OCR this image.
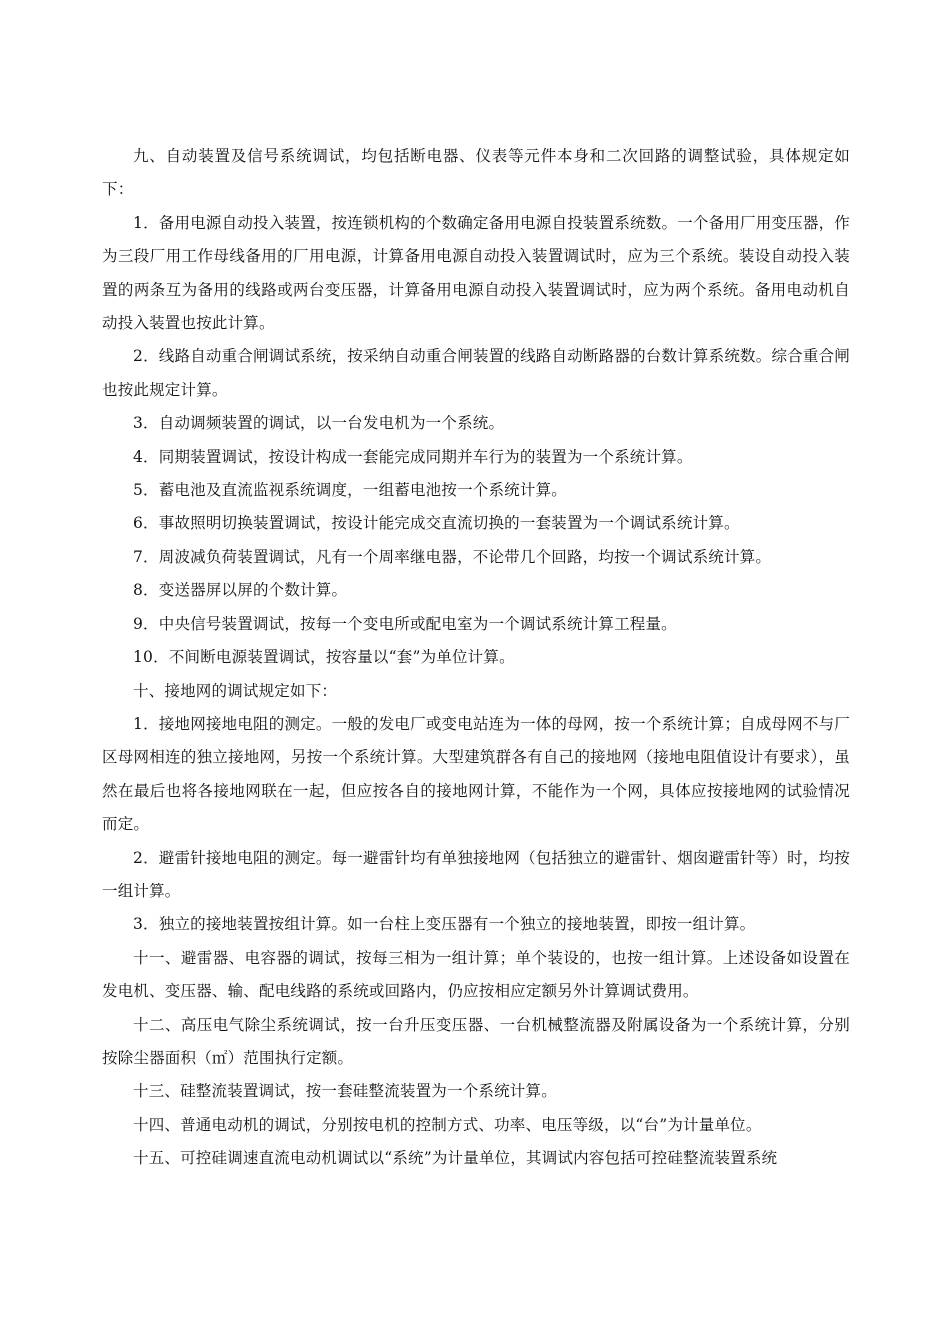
九、自动装置及信号系统调试，均包括断电器、仪表等元件本身和二次回路的调整试验，具体规定如下：

1．备用电源自动投入装置，按连锁机构的个数确定备用电源自投装置系统数。一个备用厂用变压器，作为三段厂用工作母线备用的厂用电源，计算备用电源自动投入装置调试时，应为三个系统。装设自动投入装置的两条互为备用的线路或两台变压器，计算备用电源自动投入装置调试时，应为两个系统。备用电动机自动投入装置也按此计算。

2．线路自动重合闸调试系统，按采纳自动重合闸装置的线路自动断路器的台数计算系统数。综合重合闸也按此规定计算。

3．自动调频装置的调试，以一台发电机为一个系统。

4．同期装置调试，按设计构成一套能完成同期并车行为的装置为一个系统计算。

5．蓄电池及直流监视系统调度，一组蓄电池按一个系统计算。

6．事故照明切换装置调试，按设计能完成交直流切换的一套装置为一个调试系统计算。

7．周波减负荷装置调试，凡有一个周率继电器，不论带几个回路，均按一个调试系统计算。

8．变送器屏以屏的个数计算。

9．中央信号装置调试，按每一个变电所或配电室为一个调试系统计算工程量。

10．不间断电源装置调试，按容量以“套”为单位计算。

十、接地网的调试规定如下：

1．接地网接地电阻的测定。一般的发电厂或变电站连为一体的母网，按一个系统计算；自成母网不与厂区母网相连的独立接地网，另按一个系统计算。大型建筑群各有自己的接地网（接地电阻值设计有要求），虽然在最后也将各接地网联在一起，但应按各自的接地网计算，不能作为一个网，具体应按接地网的试验情况而定。

2．避雷针接地电阻的测定。每一避雷针均有单独接地网（包括独立的避雷针、烟囱避雷针等）时，均按一组计算。

3．独立的接地装置按组计算。如一台柱上变压器有一个独立的接地装置，即按一组计算。

十一、避雷器、电容器的调试，按每三相为一组计算；单个装设的，也按一组计算。上述设备如设置在发电机、变压器、输、配电线路的系统或回路内，仍应按相应定额另外计算调试费用。

十二、高压电气除尘系统调试，按一台升压变压器、一台机械整流器及附属设备为一个系统计算，分别按除尘器面积（㎡）范围执行定额。

十三、硅整流装置调试，按一套硅整流装置为一个系统计算。

十四、普通电动机的调试，分别按电机的控制方式、功率、电压等级，以“台”为计量单位。

十五、可控硅调速直流电动机调试以“系统”为计量单位，其调试内容包括可控硅整流装置系统
